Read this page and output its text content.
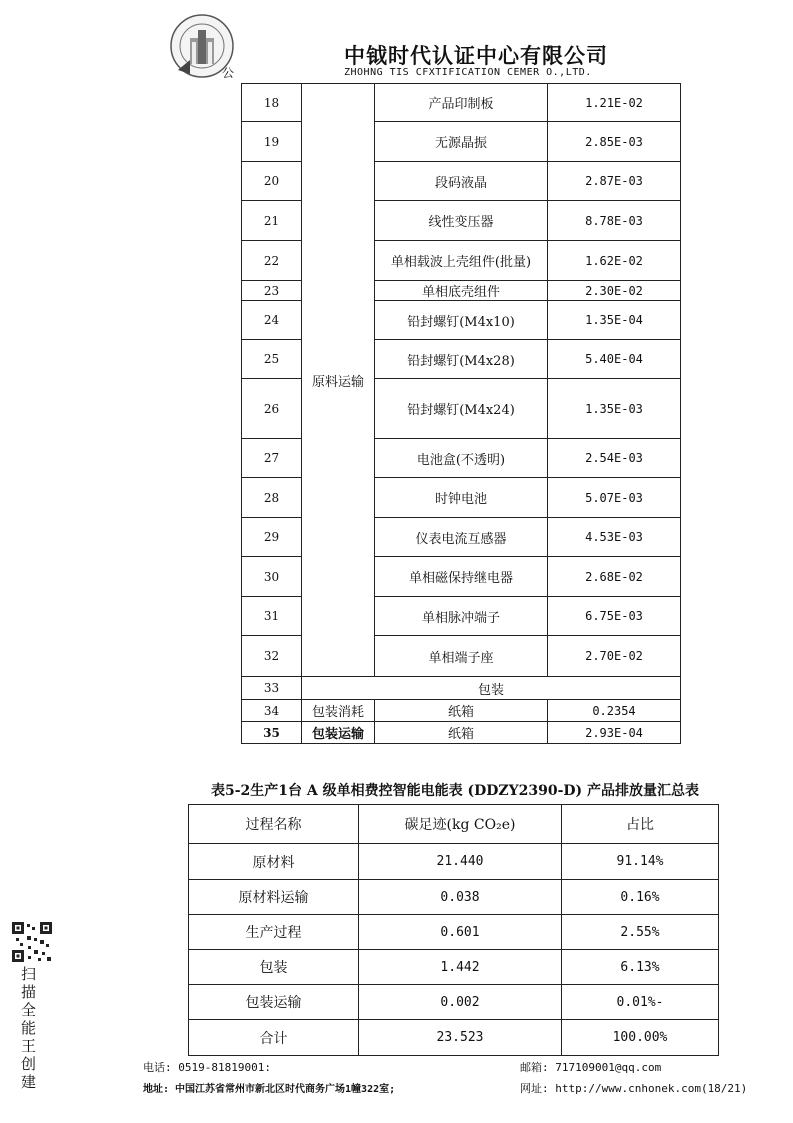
公
中钺时代认证中心有限公司
ZHOHNG TIS CFXTIFICATION CEMER O.,LTD.
18	原料运输	产品印制板	1.21E-02
19		无源晶振	2.85E-03
20		段码液晶	2.87E-03
21		线性变压器	8.78E-03
22		单相载波上壳组件(批量)	1.62E-02
23		单相底壳组件	2.30E-02
24		铅封螺钉(M4x10)	1.35E-04
25		铅封螺钉(M4x28)	5.40E-04
26		铅封螺钉(M4x24)	1.35E-03
27		电池盒(不透明)	2.54E-03
28		时钟电池	5.07E-03
29		仪表电流互感器	4.53E-03
30		单相磁保持继电器	2.68E-02
31		单相脉冲端子	6.75E-03
32		单相端子座	2.70E-02
33	包装		
34	包装消耗	纸箱	0.2354
35	包装运输	纸箱	2.93E-04
表5-2生产1台 A 级单相费控智能电能表 (DDZY2390-D) 产品排放量汇总表
过程名称	碳足迹(kg CO₂e)	占比
原材料	21.440	91.14%
原材料运输	0.038	0.16%
生产过程	0.601	2.55%
包装	1.442	6.13%
包装运输	0.002	0.01%-
合计	23.523	100.00%
扫描全能王创建	电话: 0519-81819001:	邮箱: 717109001@qq.com
地址: 中国江苏省常州市新北区时代商务广场1幢322室;	网址: http://www.cnhonek.com(18/21)
